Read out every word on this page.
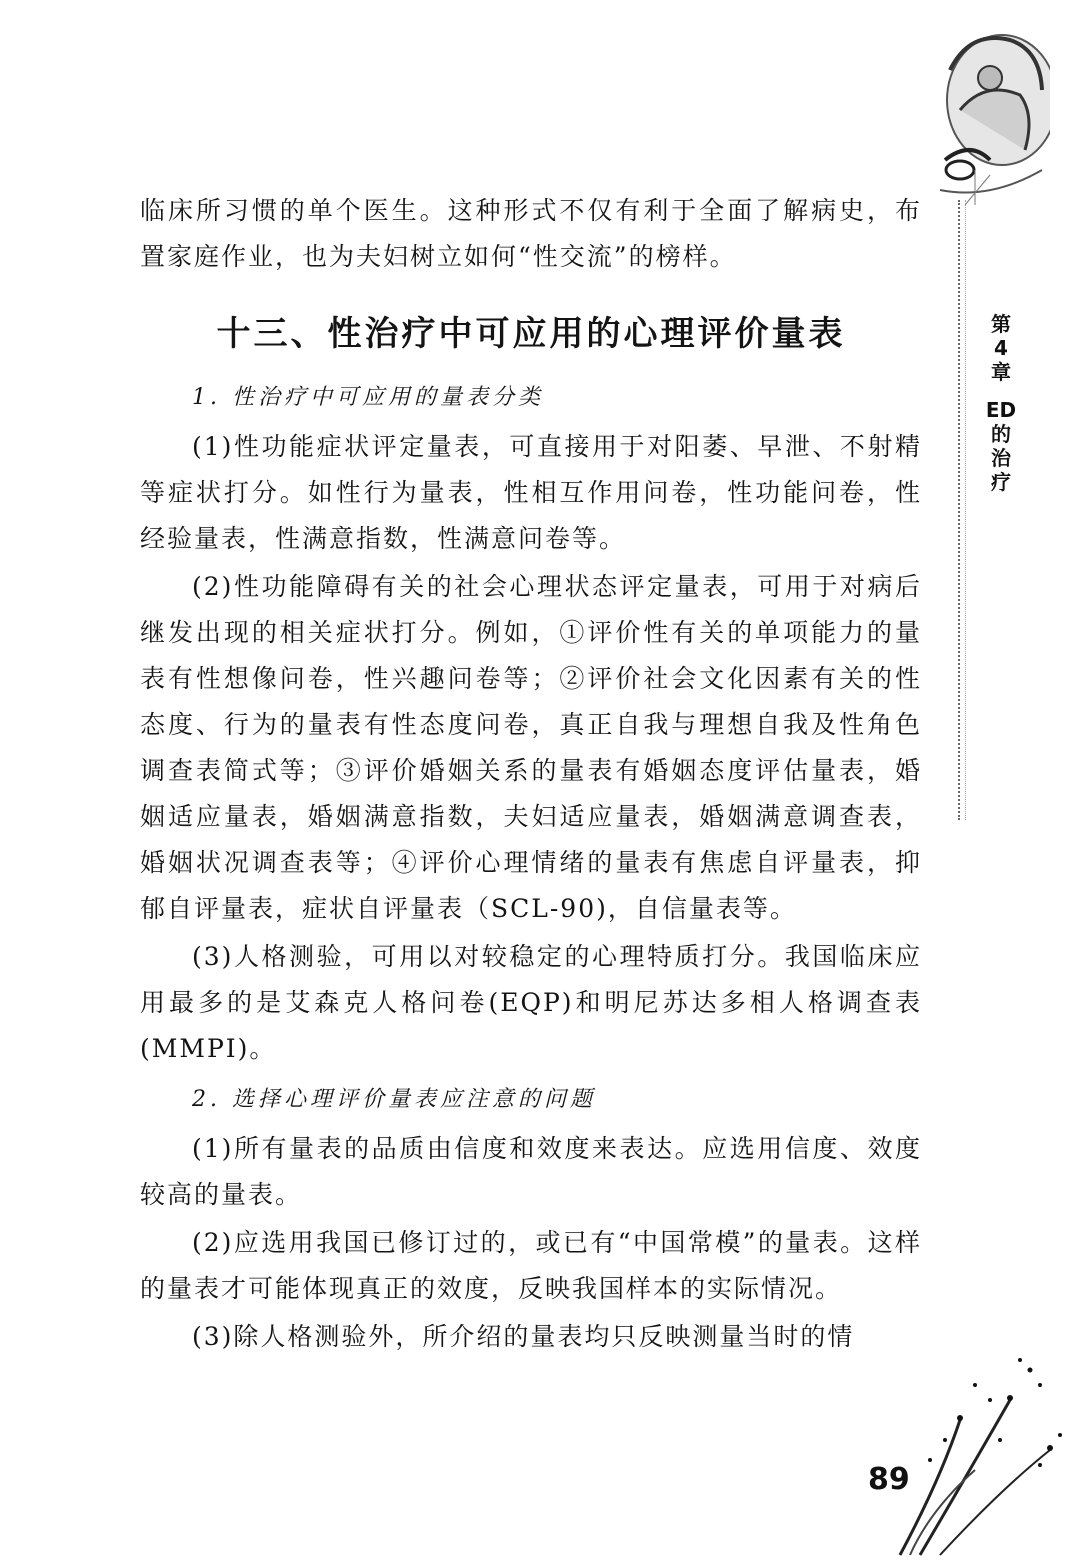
第
4
章
ED
的
治
疗

临床所习惯的单个医生。这种形式不仅有利于全面了解病史，布置家庭作业，也为夫妇树立如何“性交流”的榜样。

十三、性治疗中可应用的心理评价量表

1. 性治疗中可应用的量表分类

(1)性功能症状评定量表，可直接用于对阳萎、早泄、不射精等症状打分。如性行为量表，性相互作用问卷，性功能问卷，性经验量表，性满意指数，性满意问卷等。

(2)性功能障碍有关的社会心理状态评定量表，可用于对病后继发出现的相关症状打分。例如，①评价性有关的单项能力的量表有性想像问卷，性兴趣问卷等；②评价社会文化因素有关的性态度、行为的量表有性态度问卷，真正自我与理想自我及性角色调查表简式等；③评价婚姻关系的量表有婚姻态度评估量表，婚姻适应量表，婚姻满意指数，夫妇适应量表，婚姻满意调查表，婚姻状况调查表等；④评价心理情绪的量表有焦虑自评量表，抑郁自评量表，症状自评量表（SCL-90)，自信量表等。

(3)人格测验，可用以对较稳定的心理特质打分。我国临床应用最多的是艾森克人格问卷(EQP)和明尼苏达多相人格调查表(MMPI)。

2. 选择心理评价量表应注意的问题

(1)所有量表的品质由信度和效度来表达。应选用信度、效度较高的量表。

(2)应选用我国已修订过的，或已有“中国常模”的量表。这样的量表才可能体现真正的效度，反映我国样本的实际情况。

(3)除人格测验外，所介绍的量表均只反映测量当时的情

89
